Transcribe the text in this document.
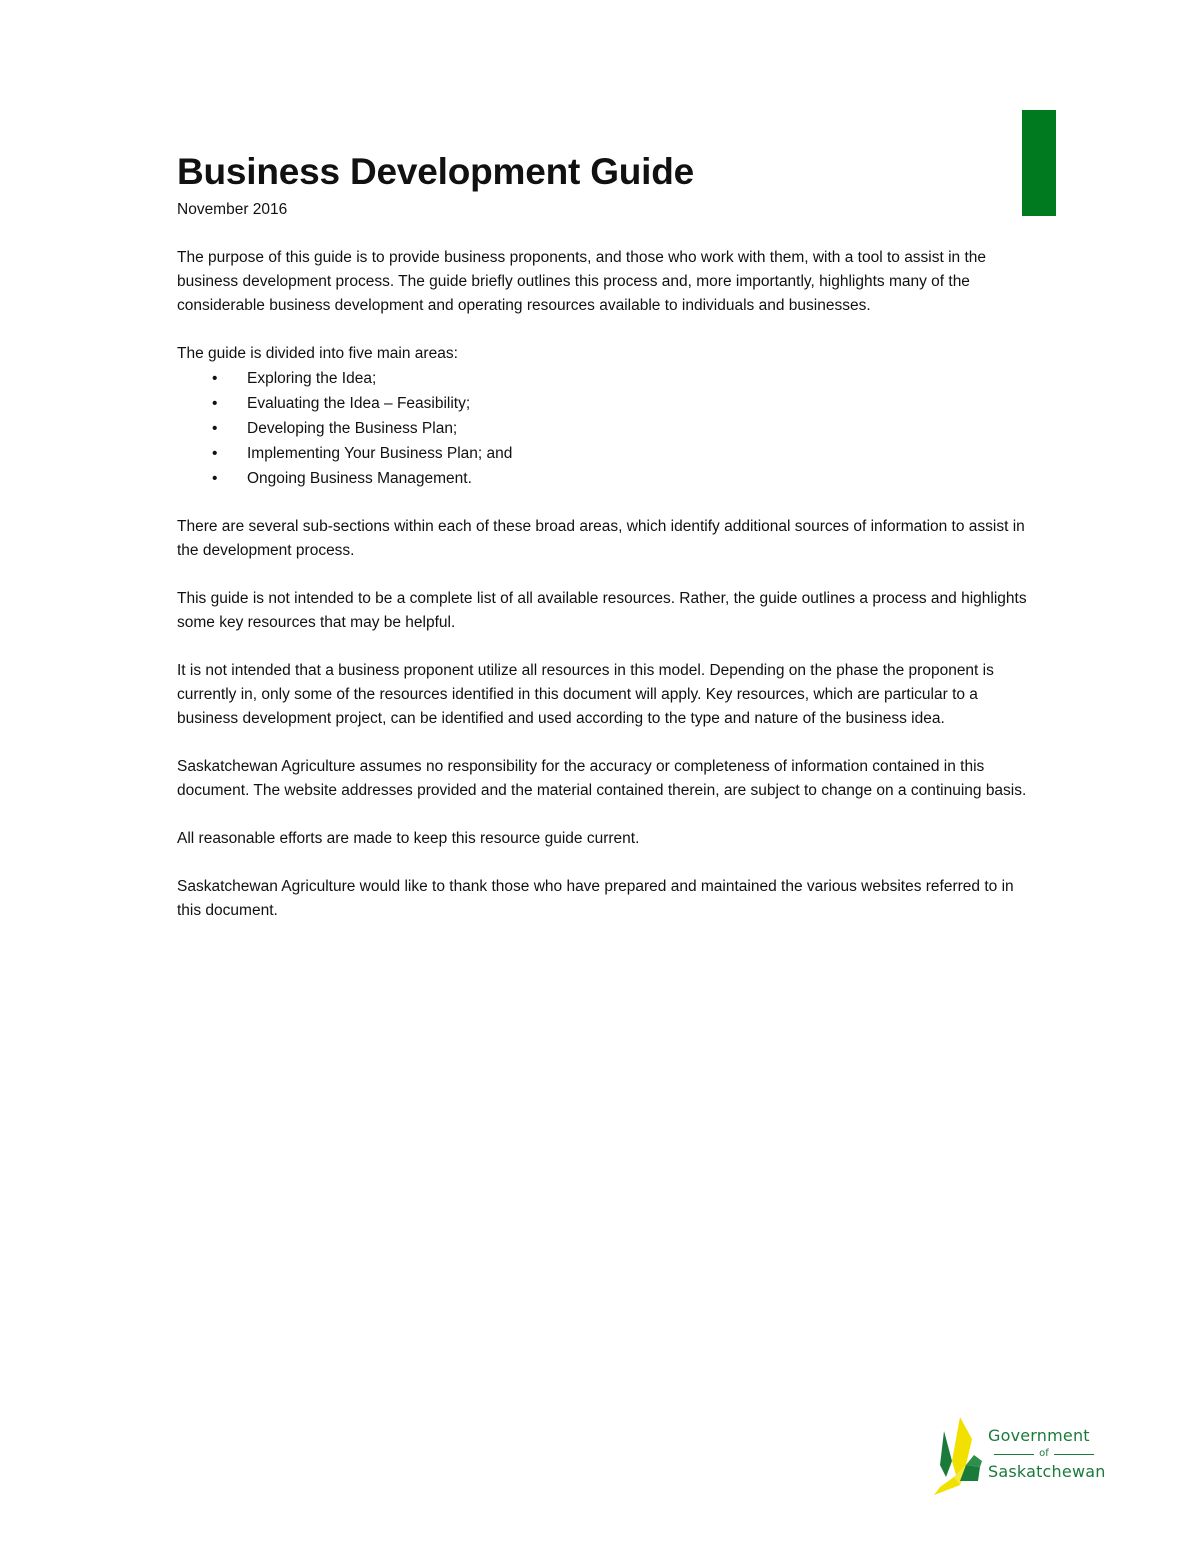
Business Development Guide
November 2016

The purpose of this guide is to provide business proponents, and those who work with them, with a tool to assist in the business development process. The guide briefly outlines this process and, more importantly, highlights many of the considerable business development and operating resources available to individuals and businesses.

The guide is divided into five main areas:

•	Exploring the Idea;
•	Evaluating the Idea – Feasibility;
•	Developing the Business Plan;
•	Implementing Your Business Plan; and
•	Ongoing Business Management.

There are several sub-sections within each of these broad areas, which identify additional sources of information to assist in the development process.

This guide is not intended to be a complete list of all available resources. Rather, the guide outlines a process and highlights some key resources that may be helpful.

It is not intended that a business proponent utilize all resources in this model. Depending on the phase the proponent is currently in, only some of the resources identified in this document will apply. Key resources, which are particular to a business development project, can be identified and used according to the type and nature of the business idea.

Saskatchewan Agriculture assumes no responsibility for the accuracy or completeness of information contained in this document. The website addresses provided and the material contained therein, are subject to change on a continuing basis.

All reasonable efforts are made to keep this resource guide current.

Saskatchewan Agriculture would like to thank those who have prepared and maintained the various websites referred to in this document.

Government
of
Saskatchewan
